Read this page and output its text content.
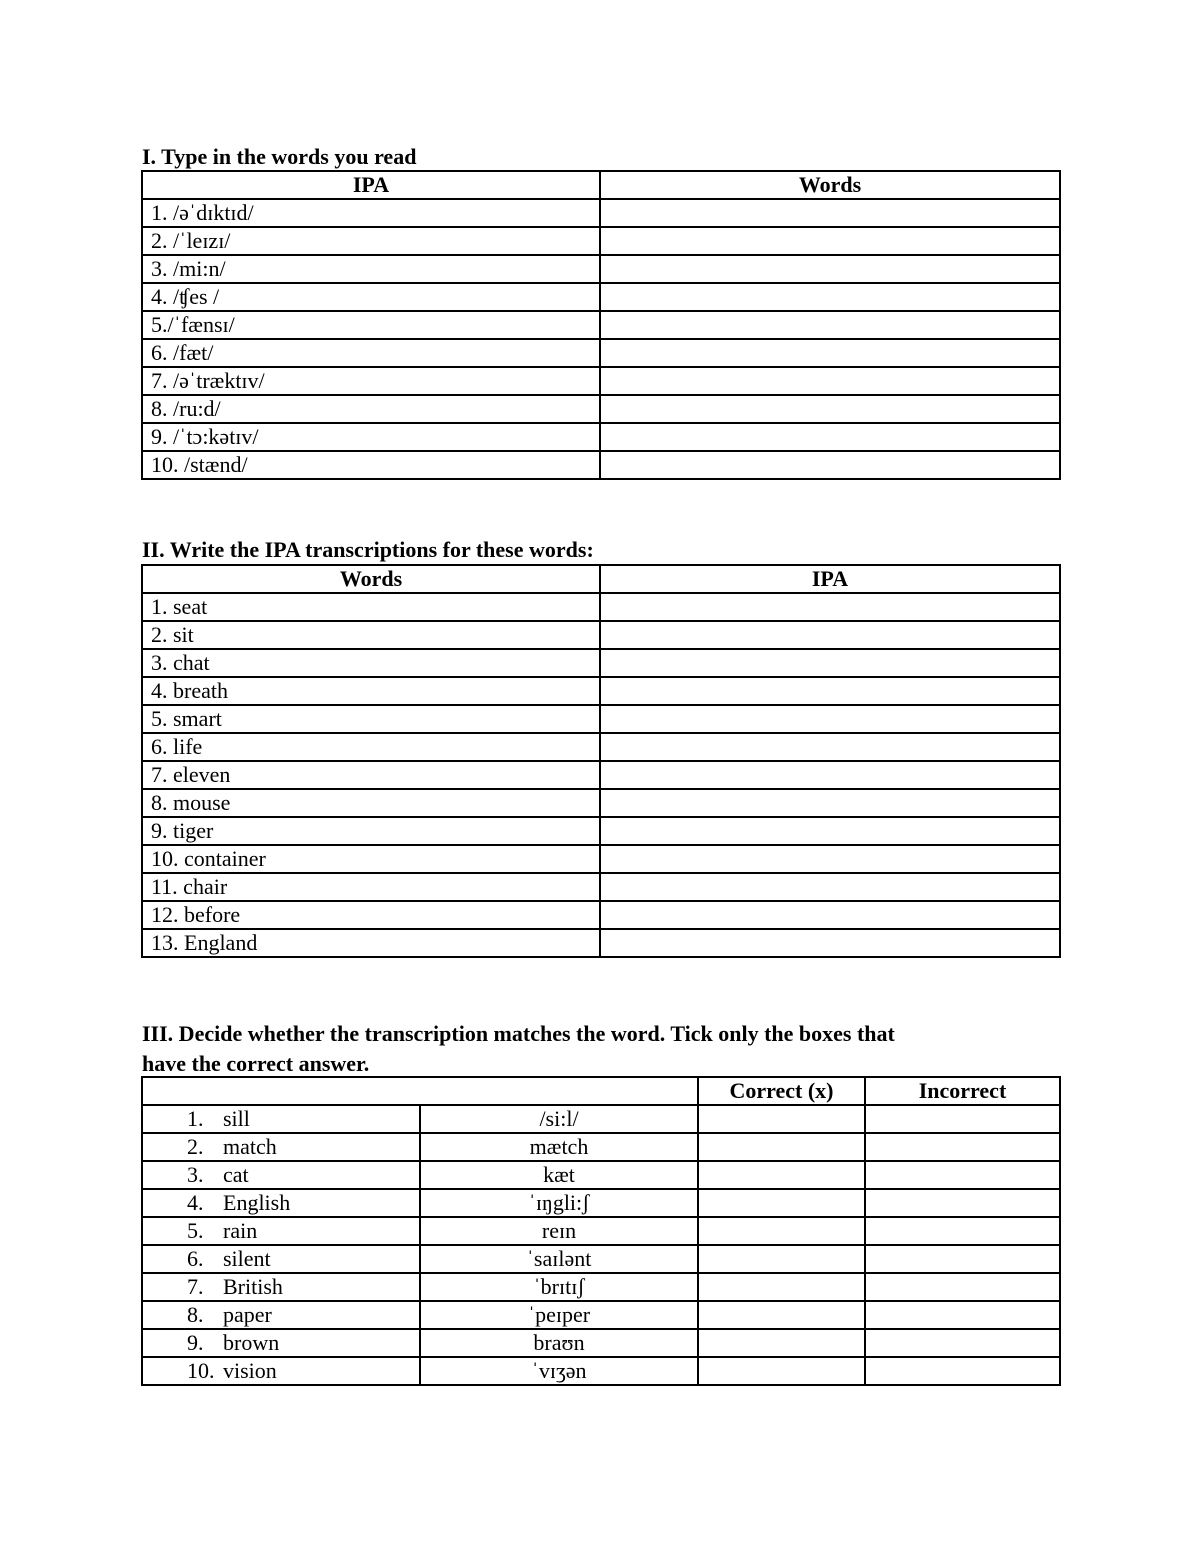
I. Type in the words you read

IPA	Words
1. /əˈdɪktɪd/	
2. /ˈleɪzɪ/	
3. /mi:n/	
4. /ʧes /	
5./ˈfænsɪ/	
6. /fæt/	
7. /əˈtræktɪv/	
8. /ru:d/	
9. /ˈtɔ:kətɪv/	
10. /stænd/	

II. Write the IPA transcriptions for these words:

Words	IPA
1. seat	
2. sit	
3. chat	
4. breath	
5. smart	
6. life	
7. eleven	
8. mouse	
9. tiger	
10. container	
11. chair	
12. before	
13. England	

III. Decide whether the transcription matches the word. Tick only the boxes that

have the correct answer.

		Correct (x)	Incorrect
1. sill	/si:l/		
2. match	mætch		
3. cat	kæt		
4. English	ˈɪŋgli:ʃ		
5. rain	reɪn		
6. silent	ˈsaɪlənt		
7. British	ˈbrɪtɪʃ		
8. paper	ˈpeɪper		
9. brown	braʊn		
10. vision	ˈvɪʒən		
